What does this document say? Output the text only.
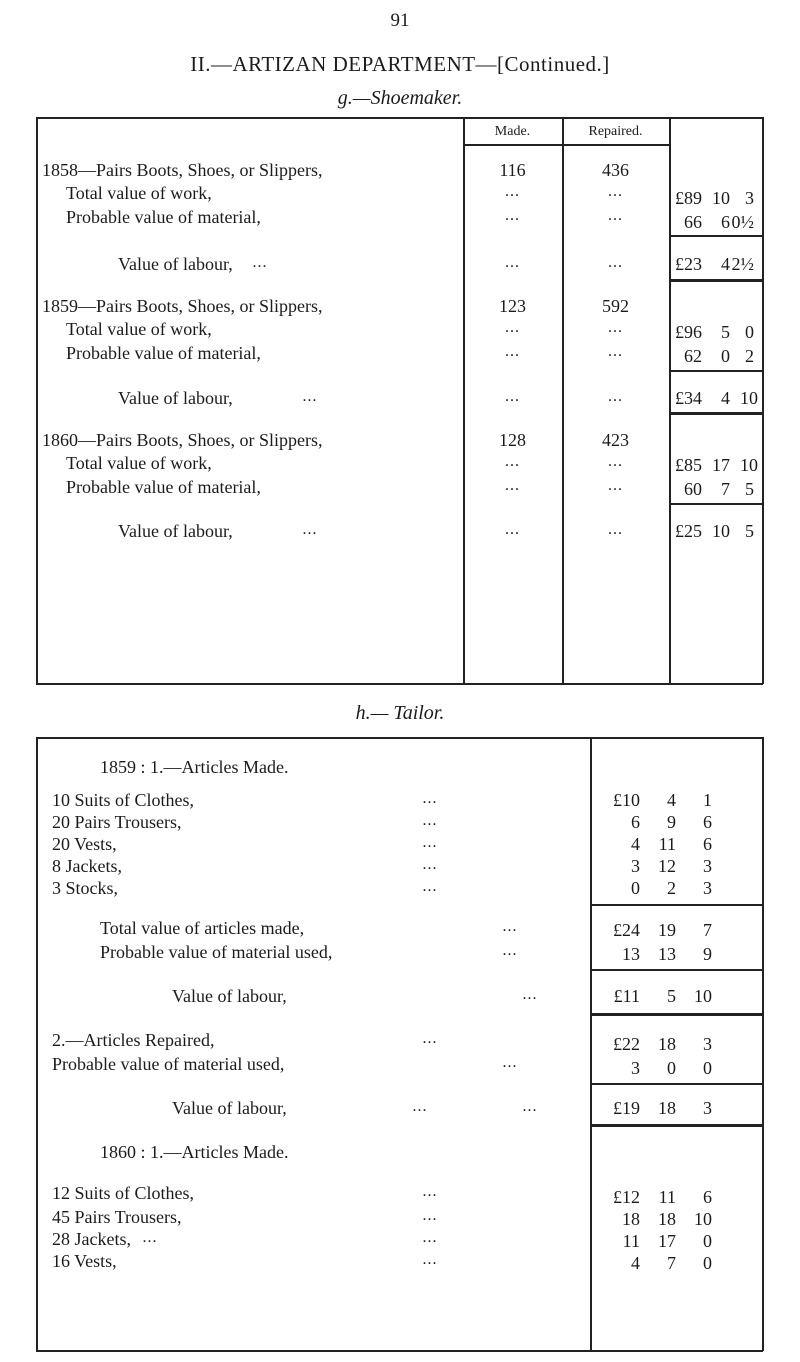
91
II.—ARTIZAN DEPARTMENT—[Continued.]
g.—Shoemaker.
Made.	Repaired.
1858—Pairs Boots, Shoes, or Slippers,	116	436
Total value of work,	...	...	£89 10 3
Probable value of material,	...	...	66 60½
Value of labour,	...	...	...	£23 42½
1859—Pairs Boots, Shoes, or Slippers,	123	592
Total value of work,	...	...	£96 5 0
Probable value of material,	...	...	62 0 2
Value of labour,	...	...	...	£34 4 10
1860—Pairs Boots, Shoes, or Slippers,	128	423
Total value of work,	...	...	£85 17 10
Probable value of material,	...	...	60 7 5
Value of labour,	...	...	...	£25 10 5
h.— Tailor.
1859 : 1.—Articles Made.
10 Suits of Clothes,	...	£10 4 1
20 Pairs Trousers,	...	6 9 6
20 Vests,	...	4 11 6
8 Jackets,	...	3 12 3
3 Stocks,	...	0 2 3
Total value of articles made,	...	£24 19 7
Probable value of material used,	...	13 13 9
Value of labour,	...	£11 5 10
2.—Articles Repaired,	...	£22 18 3
Probable value of material used,	...	3 0 0
Value of labour,	...	...	£19 18 3
1860 : 1.—Articles Made.
12 Suits of Clothes,	...	£12 11 6
45 Pairs Trousers,	...	18 18 10
28 Jackets, ...	...	11 17 0
16 Vests,	...	4 7 0
